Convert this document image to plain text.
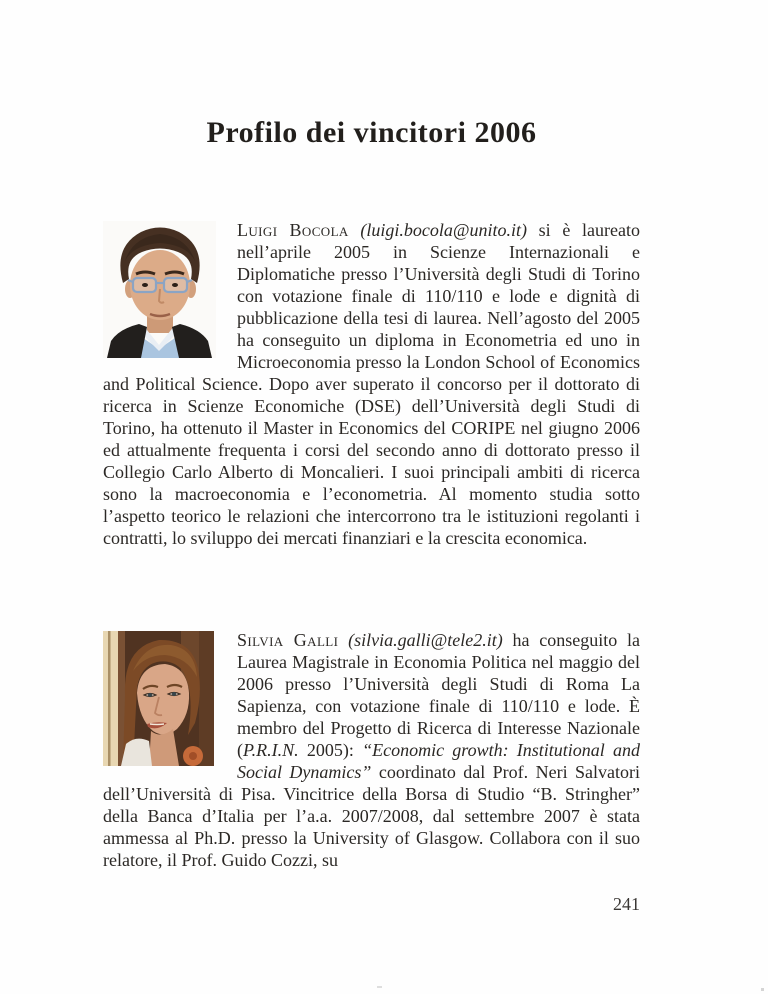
Profilo dei vincitori 2006

Luigi Bocola (luigi.bocola@unito.it) si è laureato nell’aprile 2005 in Scienze Internazionali e Diplomatiche presso l’Università degli Studi di Torino con votazione finale di 110/110 e lode e dignità di pubblicazione della tesi di laurea. Nell’agosto del 2005 ha conseguito un diploma in Econometria ed uno in Microeconomia presso la London School of Economics and Political Science. Dopo aver superato il concorso per il dottorato di ricerca in Scienze Economiche (DSE) dell’Università degli Studi di Torino, ha ottenuto il Master in Economics del CORIPE nel giugno 2006 ed attualmente frequenta i corsi del secondo anno di dottorato presso il Collegio Carlo Alberto di Moncalieri. I suoi principali ambiti di ricerca sono la macroeconomia e l’econometria. Al momento studia sotto l’aspetto teorico le relazioni che intercorrono tra le istituzioni regolanti i contratti, lo sviluppo dei mercati finanziari e la crescita economica.

Silvia Galli (silvia.galli@tele2.it) ha conseguito la Laurea Magistrale in Economia Politica nel maggio del 2006 presso l’Università degli Studi di Roma La Sapienza, con votazione finale di 110/110 e lode. È membro del Progetto di Ricerca di Interesse Nazionale (P.R.I.N. 2005): “Economic growth: Institutional and Social Dynamics” coordinato dal Prof. Neri Salvatori dell’Università di Pisa. Vincitrice della Borsa di Studio “B. Stringher” della Banca d’Italia per l’a.a. 2007/2008, dal settembre 2007 è stata ammessa al Ph.D. presso la University of Glasgow. Collabora con il suo relatore, il Prof. Guido Cozzi, su

241
